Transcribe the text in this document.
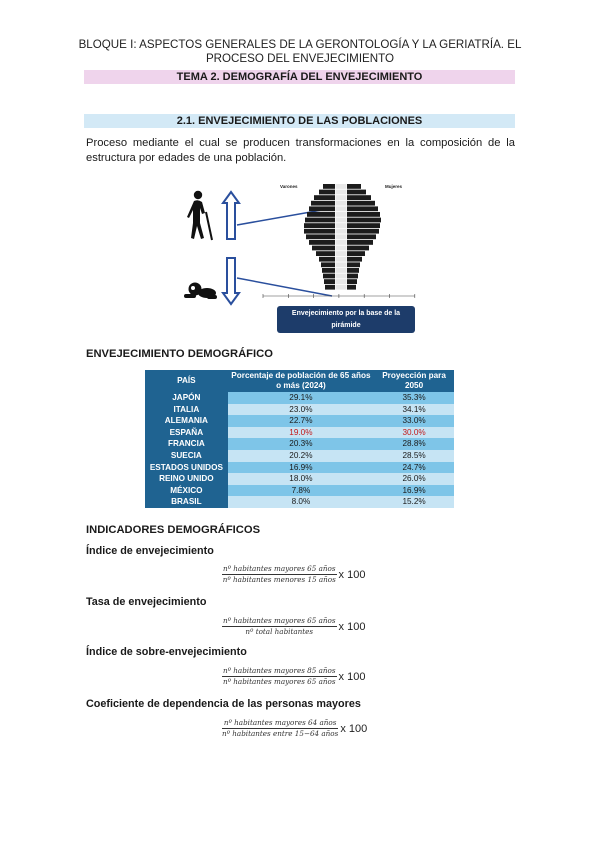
BLOQUE I: ASPECTOS GENERALES DE LA GERONTOLOGÍA Y LA GERIATRÍA. EL
PROCESO DEL ENVEJECIMIENTO
TEMA 2. DEMOGRAFÍA DEL ENVEJECIMIENTO
2.1. ENVEJECIMIENTO DE LAS POBLACIONES
Proceso mediante el cual se producen transformaciones en la composición de la estructura por edades de una población.
Varones	Mujeres
Envejecimiento por la base de la
pirámide
ENVEJECIMIENTO DEMOGRÁFICO
PAÍS	Porcentaje de población de 65 años o más (2024)	Proyección para 2050
JAPÓN	29.1%	35.3%
ITALIA	23.0%	34.1%
ALEMANIA	22.7%	33.0%
ESPAÑA	19.0%	30.0%
FRANCIA	20.3%	28.8%
SUECIA	20.2%	28.5%
ESTADOS UNIDOS	16.9%	24.7%
REINO UNIDO	18.0%	26.0%
MÉXICO	7.8%	16.9%
BRASIL	8.0%	15.2%
INDICADORES DEMOGRÁFICOS
Índice de envejecimiento
$\frac{\text{nº habitantes mayores 65 años}}{\text{nº habitantes menores 15 años}}$ x 100
Tasa de envejecimiento
$\frac{\text{nº habitantes mayores 65 años}}{\text{nº total habitantes}}$ x 100
Índice de sobre-envejecimiento
$\frac{\text{nº habitantes mayores 85 años}}{\text{nº habitantes mayores 65 años}}$ x 100
Coeficiente de dependencia de las personas mayores
$\frac{\text{nº habitantes mayores 64 años}}{\text{nº habitantes entre 15−64 años}}$ x 100
